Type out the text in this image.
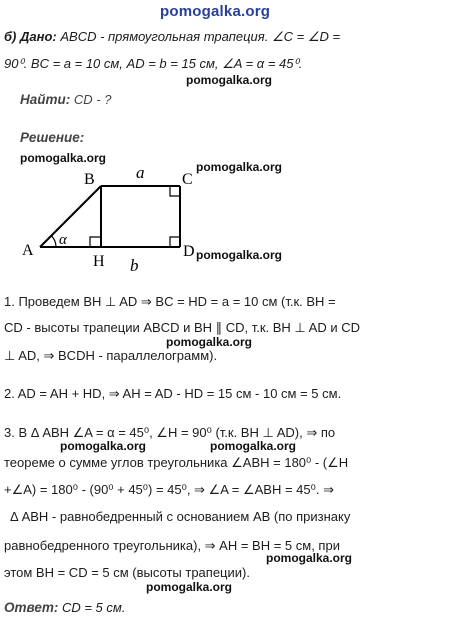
pomogalka.org
pomogalka.org
pomogalka.org
pomogalka.org
pomogalka.org
pomogalka.org
pomogalka.org	pomogalka.org
pomogalka.org
pomogalka.org
б) Дано: ABCD - прямоугольная трапеция. ∠C = ∠D =
90⁰. BC = a = 10 см, AD = b = 15 см, ∠A = α = 45⁰.
Найти: CD - ?
Решение:
A
B	C
D
H
a
b
α
1. Проведем BH ⊥ AD ⇒ BC = HD = a = 10 см (т.к. BH =
CD - высоты трапеции ABCD и BH ∥ CD, т.к. BH ⊥ AD и CD
⊥ AD, ⇒ BCDH - параллелограмм).
2. AD = AH + HD, ⇒ AH = AD - HD = 15 см - 10 см = 5 см.
3. В Δ ABH ∠A = α = 45⁰, ∠H = 90⁰ (т.к. BH ⊥ AD), ⇒ по
теореме о сумме углов треугольника ∠ABH = 180⁰ - (∠H
+∠A) = 180⁰ - (90⁰ + 45⁰) = 45⁰, ⇒ ∠A = ∠ABH = 45⁰. ⇒
Δ ABH - равнобедренный с основанием AB (по признаку
равнобедренного треугольника), ⇒ AH = BH = 5 см, при
этом BH = CD = 5 см (высоты трапеции).
Ответ: CD = 5 см.
